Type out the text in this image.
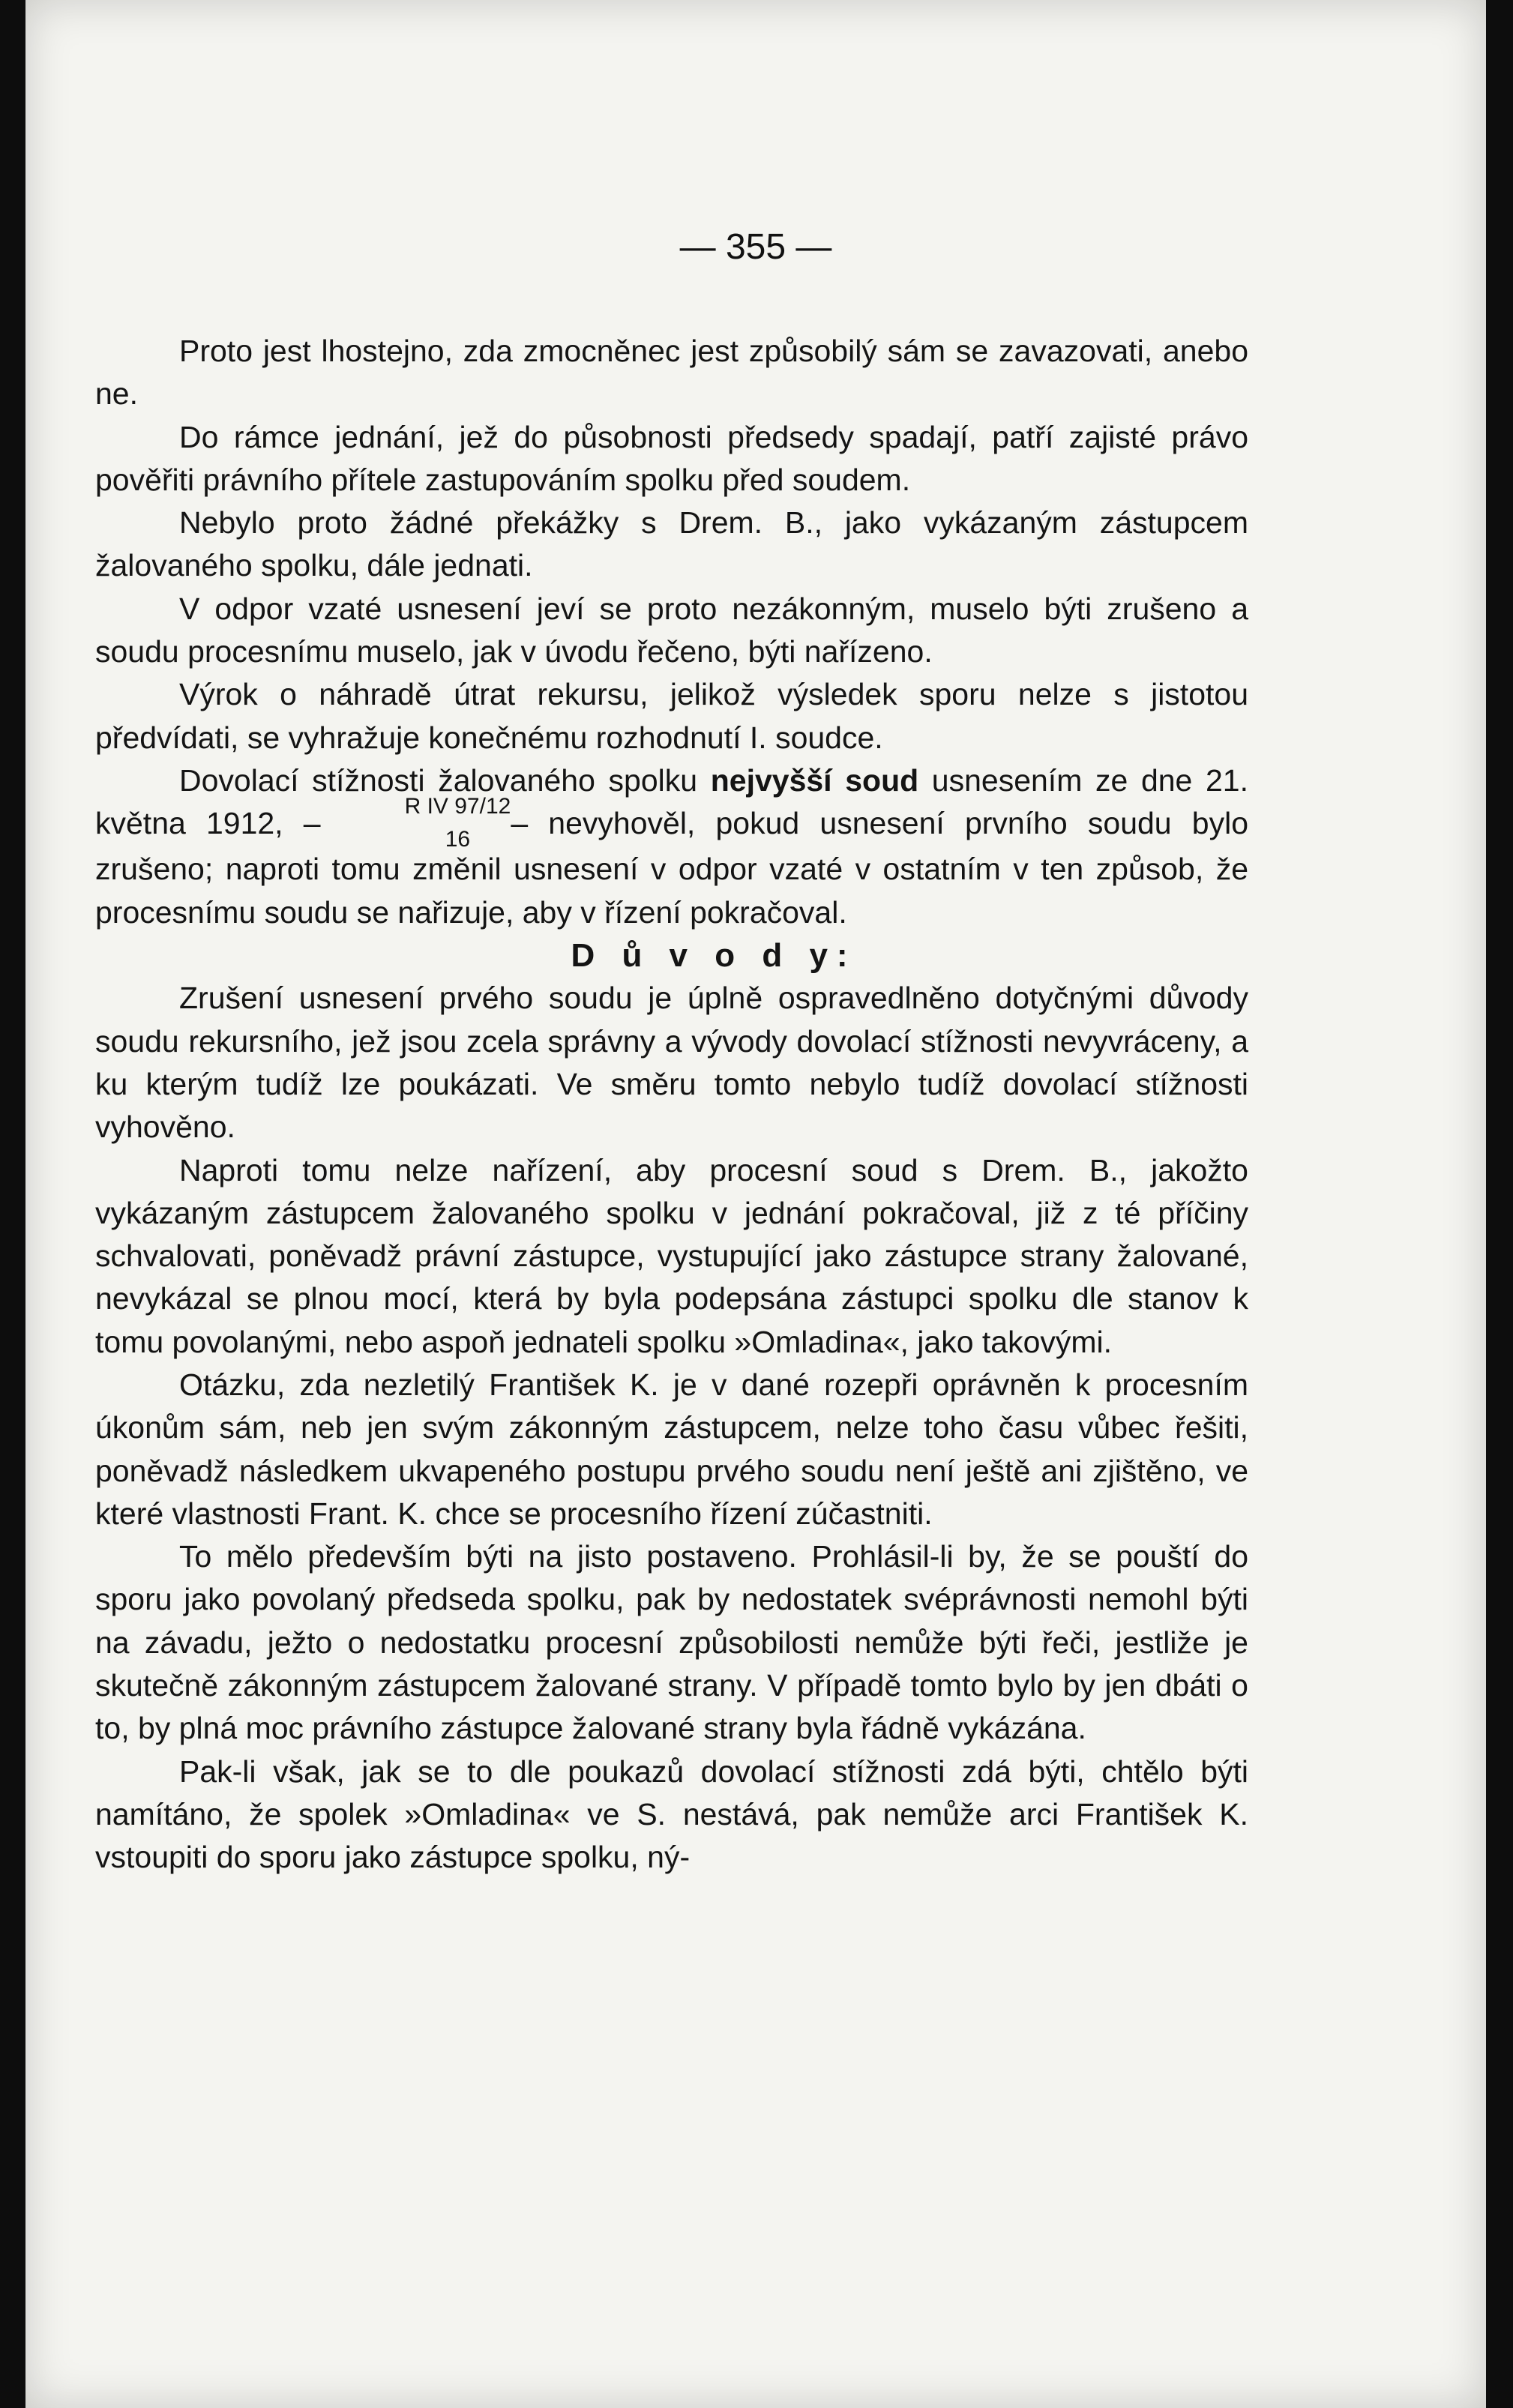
— 355 —

Proto jest lhostejno, zda zmocněnec jest způsobilý sám se zavazovati, anebo ne.

Do rámce jednání, jež do působnosti předsedy spadají, patří zajisté právo pověřiti právního přítele zastupováním spolku před soudem.

Nebylo proto žádné překážky s Drem. B., jako vykázaným zástupcem žalovaného spolku, dále jednati.

V odpor vzaté usnesení jeví se proto nezákonným, muselo býti zrušeno a soudu procesnímu muselo, jak v úvodu řečeno, býti nařízeno.

Výrok o náhradě útrat rekursu, jelikož výsledek sporu nelze s jistotou předvídati, se vyhražuje konečnému rozhodnutí I. soudce.

Dovolací stížnosti žalovaného spolku nejvyšší soud usnesením ze dne 21. května 1912, –	R IV 97/12
16	– nevyhověl, pokud usnesení prvního soudu bylo zrušeno; naproti tomu změnil usnesení v odpor vzaté v ostatním v ten způsob, že procesnímu soudu se nařizuje, aby v řízení pokračoval.

D ů v o d y:

Zrušení usnesení prvého soudu je úplně ospravedlněno dotyčnými důvody soudu rekursního, jež jsou zcela správny a vývody dovolací stížnosti nevyvráceny, a ku kterým tudíž lze poukázati. Ve směru tomto nebylo tudíž dovolací stížnosti vyhověno.

Naproti tomu nelze nařízení, aby procesní soud s Drem. B., jakožto vykázaným zástupcem žalovaného spolku v jednání pokračoval, již z té příčiny schvalovati, poněvadž právní zástupce, vystupující jako zástupce strany žalované, nevykázal se plnou mocí, která by byla podepsána zástupci spolku dle stanov k tomu povolanými, nebo aspoň jednateli spolku »Omladina«, jako takovými.

Otázku, zda nezletilý František K. je v dané rozepři oprávněn k procesním úkonům sám, neb jen svým zákonným zástupcem, nelze toho času vůbec řešiti, poněvadž následkem ukvapeného postupu prvého soudu není ještě ani zjištěno, ve které vlastnosti Frant. K. chce se procesního řízení zúčastniti.

To mělo především býti na jisto postaveno. Prohlásil-li by, že se pouští do sporu jako povolaný předseda spolku, pak by nedostatek svéprávnosti nemohl býti na závadu, ježto o nedostatku procesní způsobilosti nemůže býti řeči, jestliže je skutečně zákonným zástupcem žalované strany. V případě tomto bylo by jen dbáti o to, by plná moc právního zástupce žalované strany byla řádně vykázána.

Pak-li však, jak se to dle poukazů dovolací stížnosti zdá býti, chtělo býti namítáno, že spolek »Omladina« ve S. nestává, pak nemůže arci František K. vstoupiti do sporu jako zástupce spolku, ný-
